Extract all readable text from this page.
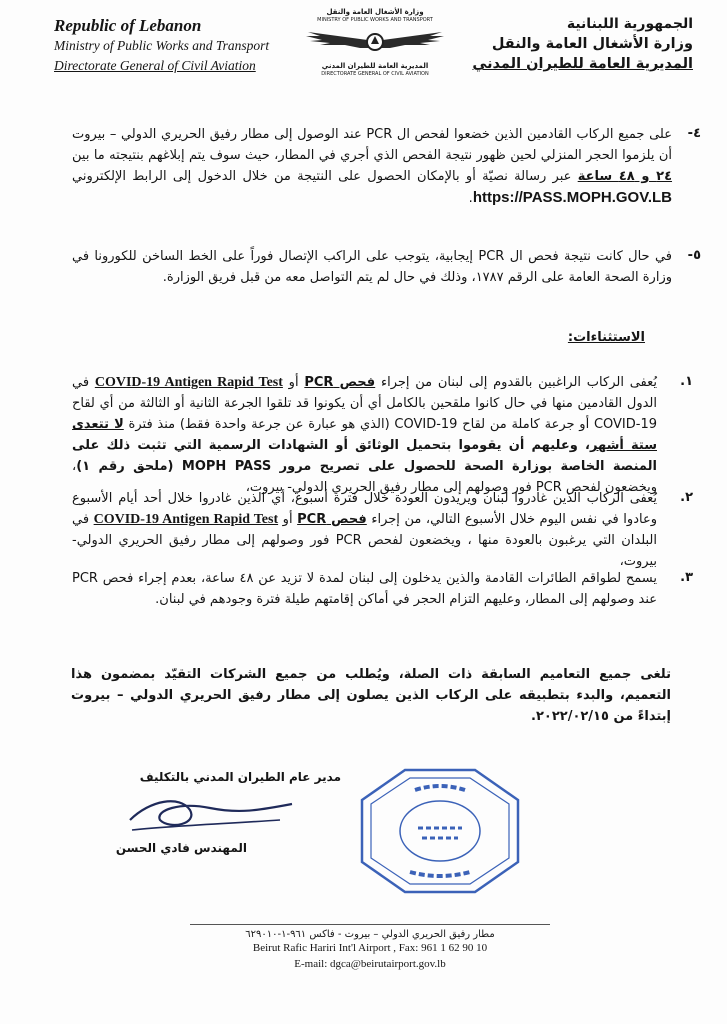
Republic of Lebanon
Ministry of Public Works and Transport
Directorate General of Civil Aviation
وزارة الأشغال العامة والنقل
MINISTRY OF PUBLIC WORKS AND TRANSPORT
المديرية العامة للطيران المدني
DIRECTORATE GENERAL OF CIVIL AVIATION
الجمهورية اللبنانية
وزارة الأشغال العامة والنقل
المديرية العامة للطيران المدني
-٤
على جميع الركاب القادمين الذين خضعوا لفحص ال PCR عند الوصول إلى مطار رفيق الحريري الدولي – بيروت أن يلزموا الحجر المنزلي لحين ظهور نتيجة الفحص الذي أجري في المطار، حيث سوف يتم إبلاغهم بنتيجته ما بين ٢٤ و ٤٨ ساعة عبر رسالة نصيّة أو بالإمكان الحصول على النتيجة من خلال الدخول إلى الرابط الإلكتروني https://PASS.MOPH.GOV.LB.
-٥
في حال كانت نتيجة فحص ال PCR إيجابية، يتوجب على الراكب الإتصال فوراً على الخط الساخن للكورونا في وزارة الصحة العامة على الرقم ١٧٨٧، وذلك في حال لم يتم التواصل معه من قبل فريق الوزارة.
الاستثناءات:
.١
يُعفى الركاب الراغبين بالقدوم إلى لبنان من إجراء فحص PCR أو COVID-19 Antigen Rapid Test في الدول القادمين منها في حال كانوا ملقحين بالكامل أي أن يكونوا قد تلقوا الجرعة الثانية أو الثالثة من أي لقاح COVID-19 أو جرعة كاملة من لقاح COVID-19 (الذي هو عبارة عن جرعة واحدة فقط) منذ فترة لا تتعدى ستة أشهر، وعليهم أن يقوموا بتحميل الوثائق أو الشهادات الرسمية التي تثبت ذلك على المنصة الخاصة بوزارة الصحة للحصول على تصريح مرور MOPH PASS (ملحق رقم ١)، ويخضعون لفحص PCR فور وصولهم إلى مطار رفيق الحريري الدولي- بيروت،
.٢
يُعفى الركاب الذين غادروا لبنان ويريدون العودة خلال فترة أسبوع، أي الذين غادروا خلال أحد أيام الأسبوع وعادوا في نفس اليوم خلال الأسبوع التالي، من إجراء فحص PCR أو COVID-19 Antigen Rapid Test في البلدان التي يرغبون بالعودة منها ، ويخضعون لفحص PCR فور وصولهم إلى مطار رفيق الحريري الدولي- بيروت،
.٣
يسمح لطواقم الطائرات القادمة والذين يدخلون إلى لبنان لمدة لا تزيد عن ٤٨ ساعة، بعدم إجراء فحص PCR عند وصولهم إلى المطار، وعليهم التزام الحجر في أماكن إقامتهم طيلة فترة وجودهم في لبنان.
تلغى جميع التعاميم السابقة ذات الصلة، ويُطلب من جميع الشركات التقيّد بمضمون هذا التعميم، والبدء بتطبيقه على الركاب الذين يصلون إلى مطار رفيق الحريري الدولي – بيروت إبتداءً من ٢٠٢٢/٠٢/١٥.
مدير عام الطيران المدني بالتكليف
المهندس فادي الحسن
مطار رفيق الحريري الدولي – بيروت - فاكس ٩٦١-١-٦٢٩٠١٠
Beirut Rafic Hariri Int'l Airport , Fax: 961 1 62 90 10
E-mail: dgca@beirutairport.gov.lb
